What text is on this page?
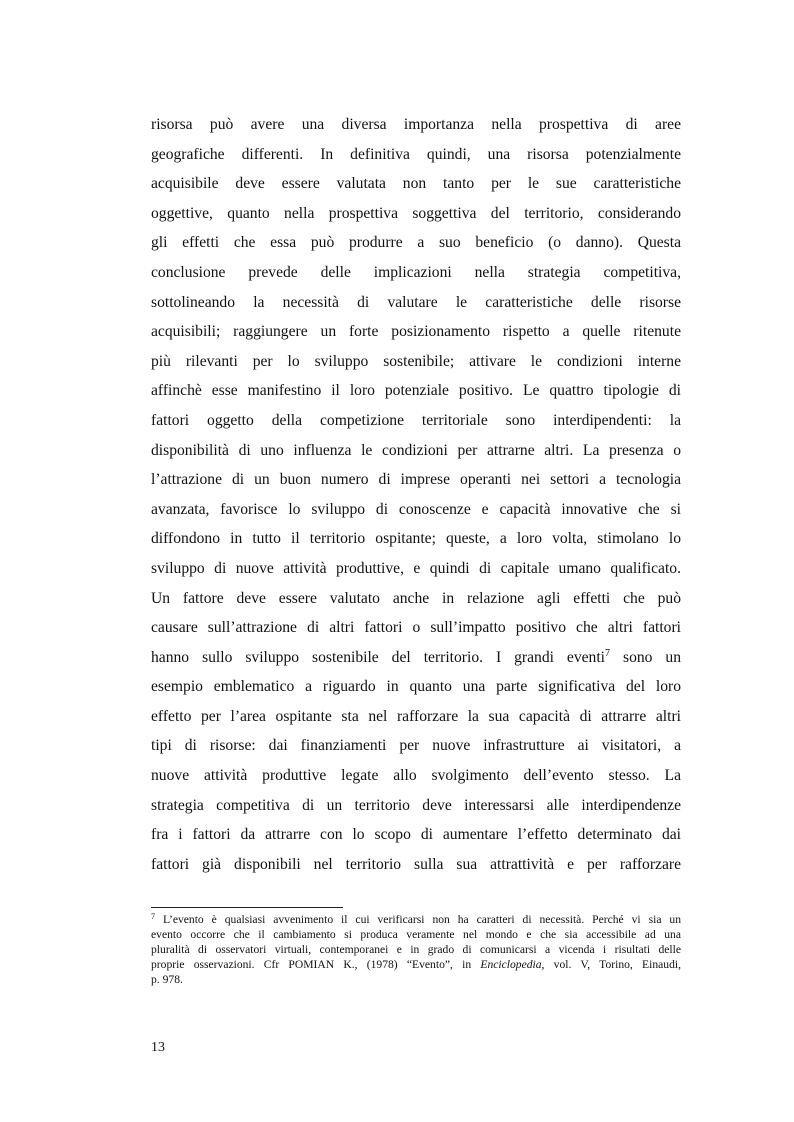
risorsa può avere una diversa importanza nella prospettiva di aree
geografiche differenti. In definitiva quindi, una risorsa potenzialmente
acquisibile deve essere valutata non tanto per le sue caratteristiche
oggettive, quanto nella prospettiva soggettiva del territorio, considerando
gli effetti che essa può produrre a suo beneficio (o danno). Questa
conclusione prevede delle implicazioni nella strategia competitiva,
sottolineando la necessità di valutare le caratteristiche delle risorse
acquisibili; raggiungere un forte posizionamento rispetto a quelle ritenute
più rilevanti per lo sviluppo sostenibile; attivare le condizioni interne
affinchè esse manifestino il loro potenziale positivo. Le quattro tipologie di
fattori oggetto della competizione territoriale sono interdipendenti: la
disponibilità di uno influenza le condizioni per attrarne altri. La presenza o
l’attrazione di un buon numero di imprese operanti nei settori a tecnologia
avanzata, favorisce lo sviluppo di conoscenze e capacità innovative che si
diffondono in tutto il territorio ospitante; queste, a loro volta, stimolano lo
sviluppo di nuove attività produttive, e quindi di capitale umano qualificato.
Un fattore deve essere valutato anche in relazione agli effetti che può
causare sull’attrazione di altri fattori o sull’impatto positivo che altri fattori
hanno sullo sviluppo sostenibile del territorio. I grandi eventi$^7$ sono un
esempio emblematico a riguardo in quanto una parte significativa del loro
effetto per l’area ospitante sta nel rafforzare la sua capacità di attrarre altri
tipi di risorse: dai finanziamenti per nuove infrastrutture ai visitatori, a
nuove attività produttive legate allo svolgimento dell’evento stesso. La
strategia competitiva di un territorio deve interessarsi alle interdipendenze
fra i fattori da attrarre con lo scopo di aumentare l’effetto determinato dai
fattori già disponibili nel territorio sulla sua attrattività e per rafforzare
$^7$ L’evento è qualsiasi avvenimento il cui verificarsi non ha caratteri di necessità. Perché vi sia un
evento occorre che il cambiamento si produca veramente nel mondo e che sia accessibile ad una
pluralità di osservatori virtuali, contemporanei e in grado di comunicarsi a vicenda i risultati delle
proprie osservazioni. Cfr POMIAN K., (1978) “Evento”, in Enciclopedia, vol. V, Torino, Einaudi,
p. 978.
13
